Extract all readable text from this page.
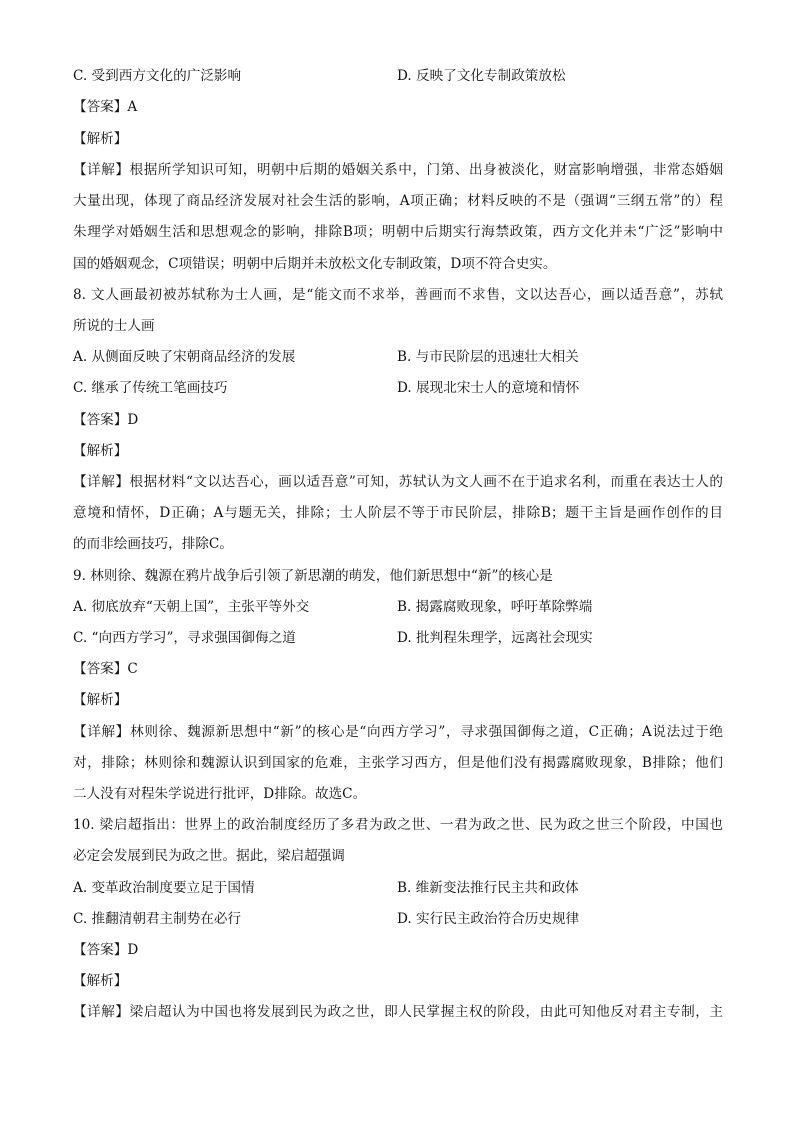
C. 受到西方文化的广泛影响	D. 反映了文化专制政策放松
【答案】A
【解析】
【详解】根据所学知识可知，明朝中后期的婚姻关系中，门第、出身被淡化，财富影响增强，非常态婚姻
大量出现，体现了商品经济发展对社会生活的影响，A项正确；材料反映的不是（强调“三纲五常”的）程
朱理学对婚姻生活和思想观念的影响，排除B项；明朝中后期实行海禁政策，西方文化并未“广泛”影响中
国的婚姻观念，C项错误；明朝中后期并未放松文化专制政策，D项不符合史实。
8. 文人画最初被苏轼称为士人画，是“能文而不求举，善画而不求售，文以达吾心，画以适吾意”，苏轼
所说的士人画
A. 从侧面反映了宋朝商品经济的发展	B. 与市民阶层的迅速壮大相关
C. 继承了传统工笔画技巧	D. 展现北宋士人的意境和情怀
【答案】D
【解析】
【详解】根据材料“文以达吾心，画以适吾意”可知，苏轼认为文人画不在于追求名利，而重在表达士人的
意境和情怀，D正确；A与题无关，排除；士人阶层不等于市民阶层，排除B；题干主旨是画作创作的目
的而非绘画技巧，排除C。
9. 林则徐、魏源在鸦片战争后引领了新思潮的萌发，他们新思想中“新”的核心是
A. 彻底放弃“天朝上国”，主张平等外交	B. 揭露腐败现象，呼吁革除弊端
C. “向西方学习”，寻求强国御侮之道	D. 批判程朱理学，远离社会现实
【答案】C
【解析】
【详解】林则徐、魏源新思想中“新”的核心是“向西方学习”，寻求强国御侮之道，C正确；A说法过于绝
对，排除；林则徐和魏源认识到国家的危难，主张学习西方，但是他们没有揭露腐败现象，B排除；他们
二人没有对程朱学说进行批评，D排除。故选C。
10. 梁启超指出：世界上的政治制度经历了多君为政之世、一君为政之世、民为政之世三个阶段，中国也
必定会发展到民为政之世。据此，梁启超强调
A. 变革政治制度要立足于国情	B. 维新变法推行民主共和政体
C. 推翻清朝君主制势在必行	D. 实行民主政治符合历史规律
【答案】D
【解析】
【详解】梁启超认为中国也将发展到民为政之世，即人民掌握主权的阶段，由此可知他反对君主专制，主
